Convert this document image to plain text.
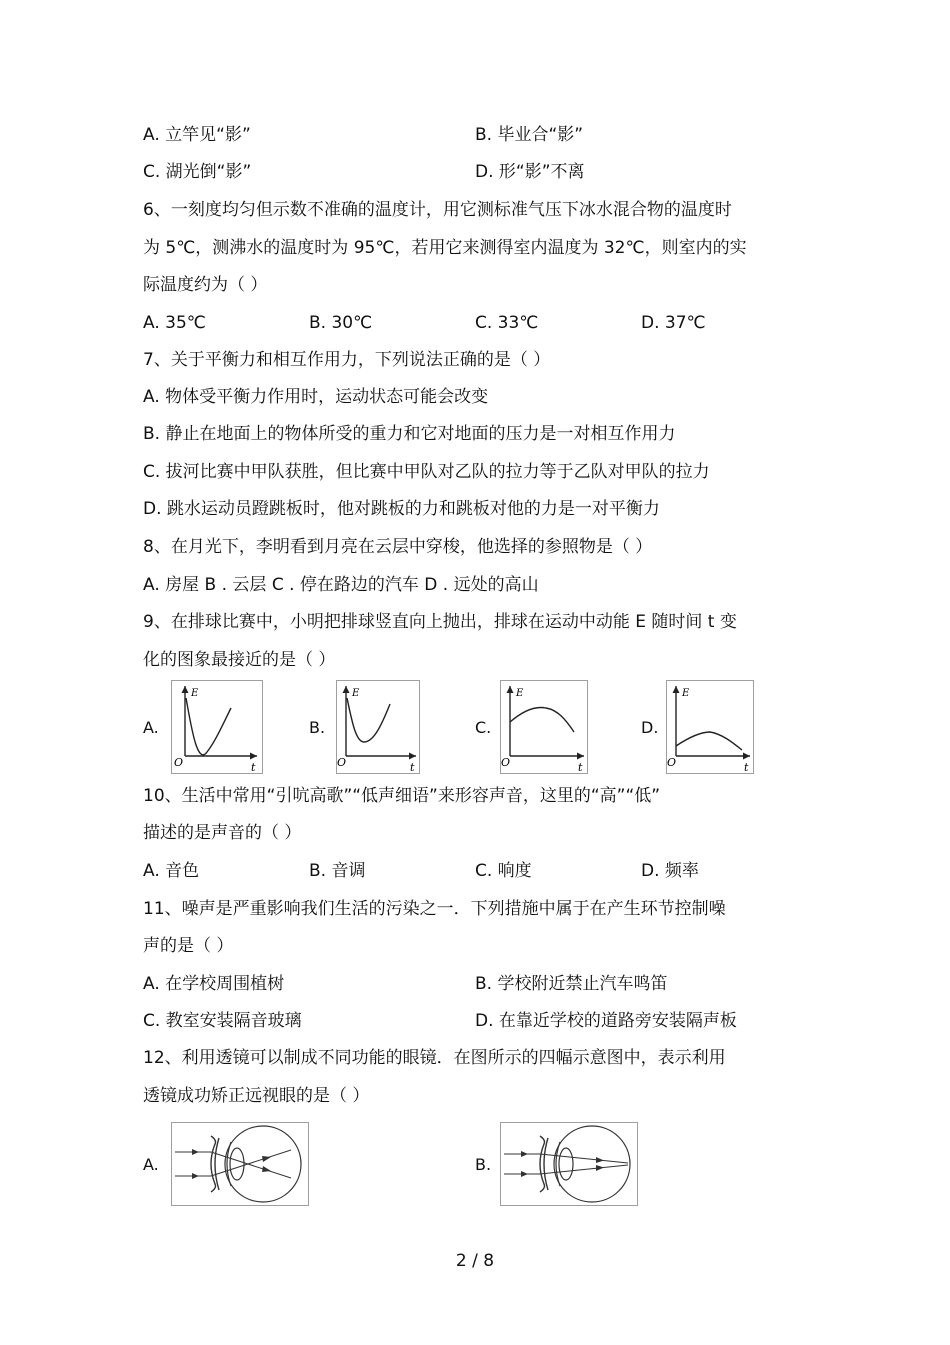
A. 立竿见“影”	B. 毕业合“影”
C. 湖光倒“影”	D. 形“影”不离
6、一刻度均匀但示数不准确的温度计，用它测标准气压下冰水混合物的温度时
为 5℃，测沸水的温度时为 95℃，若用它来测得室内温度为 32℃，则室内的实
际温度约为（ ）
A. 35℃	B. 30℃	C. 33℃	D. 37℃
7、关于平衡力和相互作用力，下列说法正确的是（ ）
A. 物体受平衡力作用时，运动状态可能会改变
B. 静止在地面上的物体所受的重力和它对地面的压力是一对相互作用力
C. 拔河比赛中甲队获胜，但比赛中甲队对乙队的拉力等于乙队对甲队的拉力
D. 跳水运动员蹬跳板时，他对跳板的力和跳板对他的力是一对平衡力
8、在月光下，李明看到月亮在云层中穿梭，他选择的参照物是（ ）
A. 房屋 B . 云层 C . 停在路边的汽车 D . 远处的高山
9、在排球比赛中，小明把排球竖直向上抛出，排球在运动中动能 E 随时间 t 变
化的图象最接近的是（ ）
A.	B.	C.	D.
E
O	t
E
O	t
E
O	t
E
O	t
10、生活中常用“引吭高歌”“低声细语”来形容声音，这里的“高”“低”
描述的是声音的（ ）
A. 音色	B. 音调	C. 响度	D. 频率
11、噪声是严重影响我们生活的污染之一．下列措施中属于在产生环节控制噪
声的是（ ）
A. 在学校周围植树	B. 学校附近禁止汽车鸣笛
C. 教室安装隔音玻璃	D. 在靠近学校的道路旁安装隔声板
12、利用透镜可以制成不同功能的眼镜．在图所示的四幅示意图中，表示利用
透镜成功矫正远视眼的是（ ）
A.	B.
2 / 8
